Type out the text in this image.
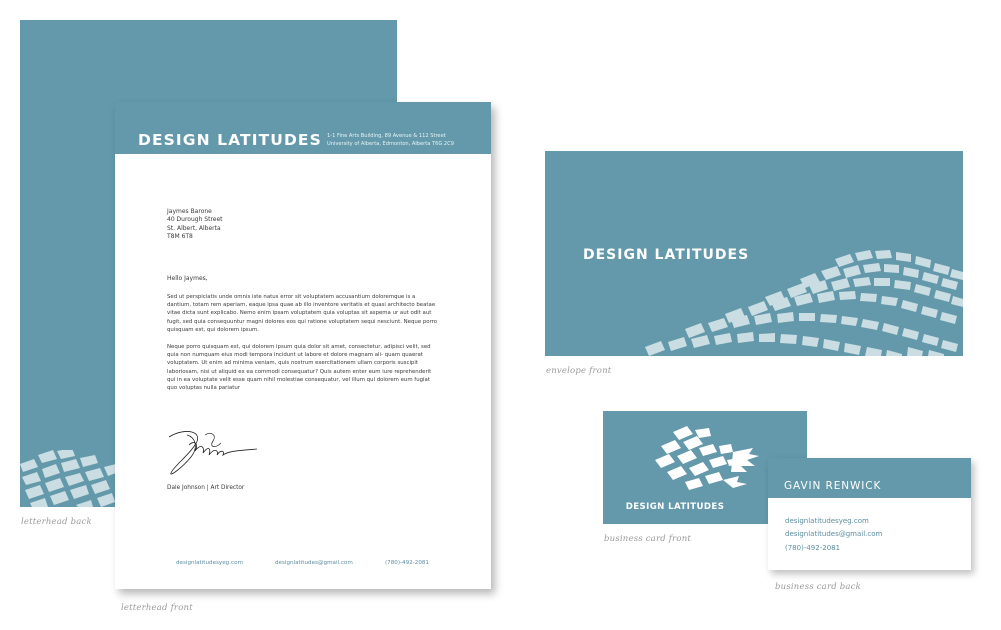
letterhead back
DESIGN LATITUDES 1-1 Fine Arts Building, 89 Avenue & 112 Street
University of Alberta, Edmonton, Alberta T6G 2C9
Jaymes Barone
40 Durough Street
St. Albert, Alberta
T8M 6T8
Hello Jaymes,
Sed ut perspiciatis unde omnis iste natus error sit voluptatem accusantium doloremque is a dantium, totam rem aperiam, eaque ipsa quae ab illo inventore veritatis et quasi architecto beatae vitae dicta sunt explicabo. Nemo enim ipsam voluptatem quia voluptas sit aspema ur aut odit aut fugit, sed quia consequuntur magni dolores eos qui ratione voluptatem sequi nesciunt. Neque porro quisquam est, qui dolorem ipsum.
Neque porro quisquam est, qui dolorem ipsum quia dolor sit amet, consectetur, adipisci velit, sed quia non numquam eius modi tempora incidunt ut labore et dolore magnam ali- quam quaerat voluptatem. Ut enim ad minima veniam, quis nostrum exercitationem ullam corporis suscipit laboriosam, nisi ut aliquid ex ea commodi consequatur? Quis autem enter eum iure reprehenderit qui in ea voluptate velit esse quam nihil molestiae consequatur, vel illum qui dolorem eum fugiat quo voluptas nulla pariatur
Dale Johnson | Art Director
designlatitudesyeg.com	designlatitudes@gmail.com	(780)-492-2081
letterhead front
DESIGN LATITUDES
envelope front
DESIGN LATITUDES
business card front
GAVIN RENWICK
designlatitudesyeg.com
designlatitudes@gmail.com
(780)-492-2081
business card back
